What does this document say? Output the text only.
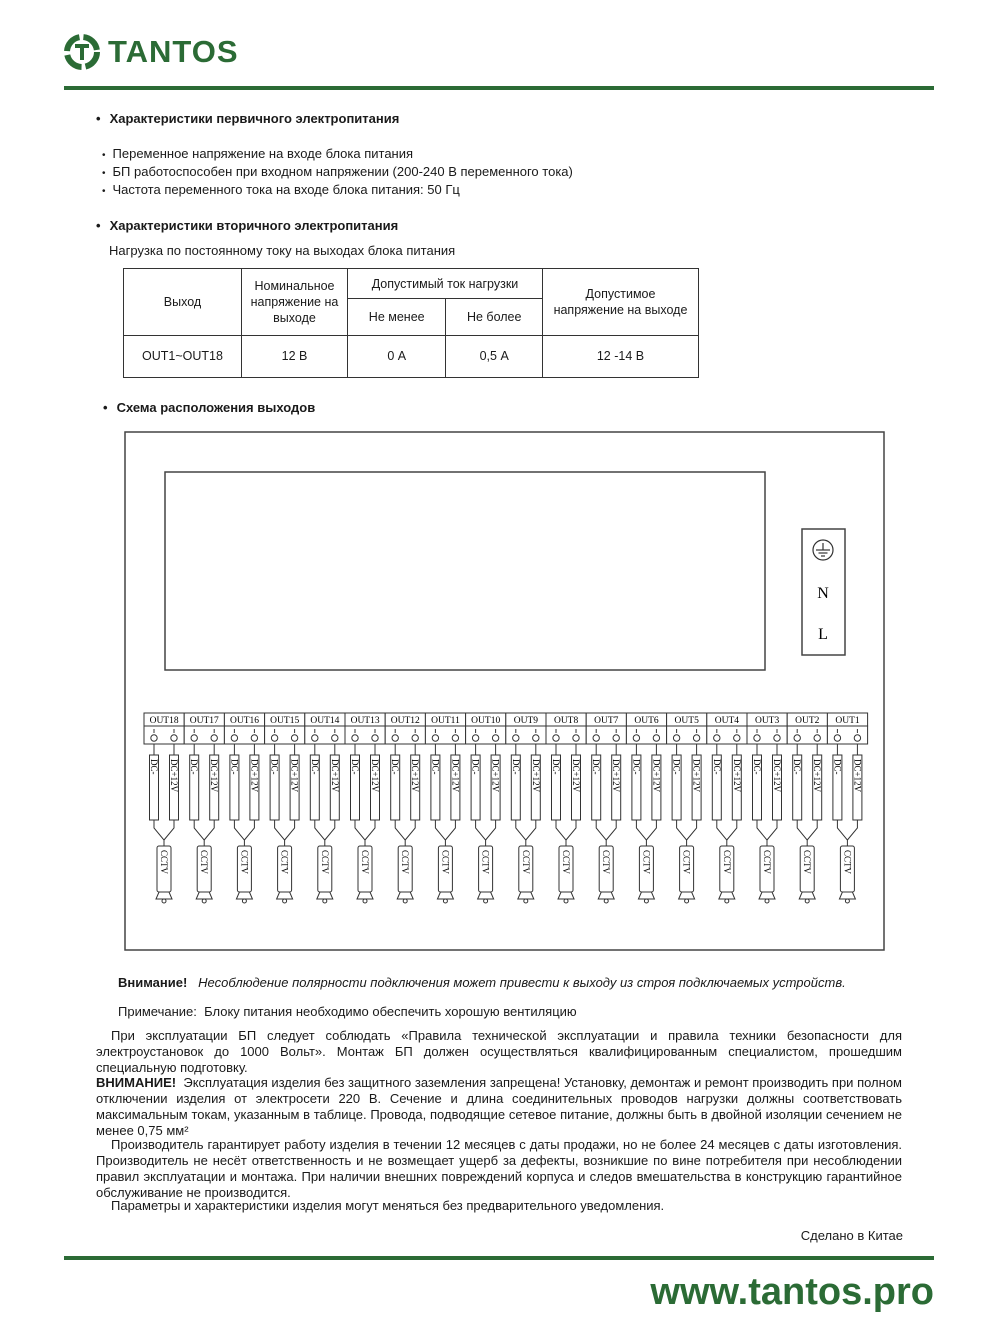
TANTOS
• Характеристики первичного электропитания
• Переменное напряжение на входе блока питания
• БП работоспособен при входном напряжении (200-240 В переменного тока)
• Частота переменного тока на входе блока питания: 50 Гц
• Характеристики вторичного электропитания
Нагрузка по постоянному току на выходах блока питания
Выход	Номинальное напряжение на выходе	Допустимый ток нагрузки		Допустимое напряжение на выходе
		Не менее	Не более	
OUT1~OUT18	12 В	0 А	0,5 А	12 -14 В
• Схема расположения выходов
N
L
OUT18
DC- DC+12V
CCTV
OUT17
DC- DC+12V
CCTV
OUT16
DC- DC+12V
CCTV
OUT15
DC- DC+12V
CCTV
OUT14
DC- DC+12V
CCTV
OUT13
DC- DC+12V
CCTV
OUT12
DC- DC+12V
CCTV
OUT11
DC- DC+12V
CCTV
OUT10
DC- DC+12V
CCTV
OUT9
DC- DC+12V
CCTV
OUT8
DC- DC+12V
CCTV
OUT7
DC- DC+12V
CCTV
OUT6
DC- DC+12V
CCTV
OUT5
DC- DC+12V
CCTV
OUT4
DC- DC+12V
CCTV
OUT3
DC- DC+12V
CCTV
OUT2
DC- DC+12V
CCTV
OUT1
DC- DC+12V
CCTV
Внимание! Несоблюдение полярности подключения может привести к выходу из строя подключаемых устройств.
Примечание: Блоку питания необходимо обеспечить хорошую вентиляцию
При эксплуатации БП следует соблюдать «Правила технической эксплуатации и правила техники безопасности для электроустановок до 1000 Вольт». Монтаж БП должен осуществляться квалифицированным специалистом, прошедшим специальную подготовку.
ВНИМАНИЕ! Эксплуатация изделия без защитного заземления запрещена! Установку, демонтаж и ремонт производить при полном отключении изделия от электросети 220 В. Сечение и длина соединительных проводов нагрузки должны соответствовать максимальным токам, указанным в таблице. Провода, подводящие сетевое питание, должны быть в двойной изоляции сечением не менее 0,75 мм²
Производитель гарантирует работу изделия в течении 12 месяцев с даты продажи, но не более 24 месяцев с даты изготовления. Производитель не несёт ответственность и не возмещает ущерб за дефекты, возникшие по вине потребителя при несоблюдении правил эксплуатации и монтажа. При наличии внешних повреждений корпуса и следов вмешательства в конструкцию гарантийное обслуживание не производится.
Параметры и характеристики изделия могут меняться без предварительного уведомления.
Сделано в Китае
www.tantos.pro
